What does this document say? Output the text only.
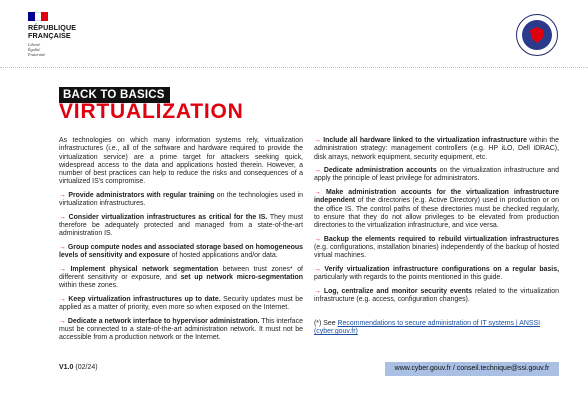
RÉPUBLIQUE
FRANÇAISE
Liberté
Égalité
Fraternité
BACK TO BASICS
VIRTUALIZATION

As technologies on which many information systems rely, virtualization infrastructures (i.e., all of the software and hardware required to provide the virtualization service) are a prime target for attackers seeking quick, widespread access to the data and applications hosted therein. However, a number of best practices can help to reduce the risks and consequences of a virtualized IS's compromise.

→ Provide administrators with regular training on the technologies used in virtualization infrastructures.

→ Consider virtualization infrastructures as critical for the IS. They must therefore be adequately protected and managed from a state-of-the-art administration IS.

→ Group compute nodes and associated storage based on homogeneous levels of sensitivity and exposure of hosted applications and/or data.

→ Implement physical network segmentation between trust zones* of different sensitivity or exposure, and set up network micro-segmentation within these zones.

→ Keep virtualization infrastructures up to date. Security updates must be applied as a matter of priority, even more so when exposed on the Internet.

→ Dedicate a network interface to hypervisor administration. This interface must be connected to a state-of-the-art administration network. It must not be accessible from a production network or the Internet.

→ Include all hardware linked to the virtualization infrastructure within the administration strategy: management controllers (e.g. HP iLO, Dell iDRAC), disk arrays, network equipment, security equipment, etc.

→ Dedicate administration accounts on the virtualization infrastructure and apply the principle of least privilege for administrators.

→ Make administration accounts for the virtualization infrastructure independent of the directories (e.g. Active Directory) used in production or on the office IS. The control paths of these directories must be checked regularly, to ensure that they do not allow privileges to be elevated from production directories to the virtualization infrastructure, and vice versa.

→ Backup the elements required to rebuild virtualization infrastructures (e.g. configurations, installation binaries) independently of the backup of hosted virtual machines.

→ Verify virtualization infrastructure configurations on a regular basis, particularly with regards to the points mentioned in this guide.

→ Log, centralize and monitor security events related to the virtualization infrastructure (e.g. access, configuration changes).

(*) See Recommendations to secure administration of IT systems | ANSSI (cyber.gouv.fr)
V1.0 (02/24)	www.cyber.gouv.fr / conseil.technique@ssi.gouv.fr
